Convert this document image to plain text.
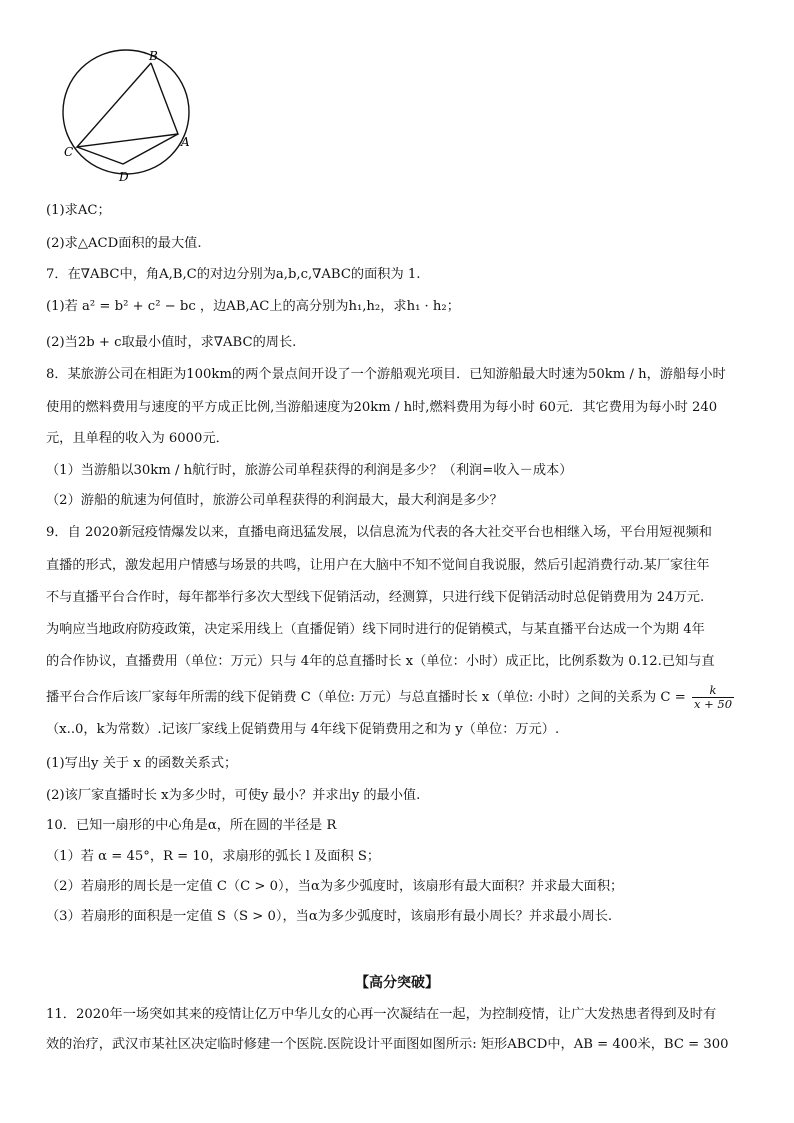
B
C
A
D
(1)求AC；
(2)求△ACD面积的最大值.
7．在∇ABC中，角A,B,C的对边分别为a,b,c,∇ABC的面积为 1.
(1)若 a² = b² + c² − bc ，边AB,AC上的高分别为h₁,h₂，求h₁ · h₂；
(2)当2b + c取最小值时，求∇ABC的周长.
8．某旅游公司在相距为100km的两个景点间开设了一个游船观光项目．已知游船最大时速为50km / h，游船每小时
使用的燃料费用与速度的平方成正比例,当游船速度为20km / h时,燃料费用为每小时 60元．其它费用为每小时 240
元，且单程的收入为 6000元．
（1）当游船以30km / h航行时，旅游公司单程获得的利润是多少？（利润=收入－成本）
（2）游船的航速为何值时，旅游公司单程获得的利润最大，最大利润是多少？
9．自 2020新冠疫情爆发以来，直播电商迅猛发展，以信息流为代表的各大社交平台也相继入场，平台用短视频和
直播的形式，激发起用户情感与场景的共鸣，让用户在大脑中不知不觉间自我说服，然后引起消费行动.某厂家往年
不与直播平台合作时，每年都举行多次大型线下促销活动，经测算，只进行线下促销活动时总促销费用为 24万元.
为响应当地政府防疫政策，决定采用线上（直播促销）线下同时进行的促销模式，与某直播平台达成一个为期 4年
的合作协议，直播费用（单位：万元）只与 4年的总直播时长 x（单位：小时）成正比，比例系数为 0.12.已知与直
播平台合作后该厂家每年所需的线下促销费 C（单位: 万元）与总直播时长 x（单位: 小时）之间的关系为 $C = \frac{k}{x + 50}$
（x..0，k为常数）.记该厂家线上促销费用与 4年线下促销费用之和为 y（单位：万元）.
(1)写出y 关于 x 的函数关系式；
(2)该厂家直播时长 x为多少时，可使y 最小？并求出y 的最小值.
10．已知一扇形的中心角是α，所在圆的半径是 R
（1）若 α = 45°，R = 10，求扇形的弧长 l 及面积 S；
（2）若扇形的周长是一定值 C（C > 0），当α为多少弧度时，该扇形有最大面积？并求最大面积；
（3）若扇形的面积是一定值 S（S > 0），当α为多少弧度时，该扇形有最小周长？并求最小周长.
【高分突破】
11．2020年一场突如其来的疫情让亿万中华儿女的心再一次凝结在一起，为控制疫情，让广大发热患者得到及时有
效的治疗，武汉市某社区决定临时修建一个医院.医院设计平面图如图所示: 矩形ABCD中，AB = 400米，BC = 300
